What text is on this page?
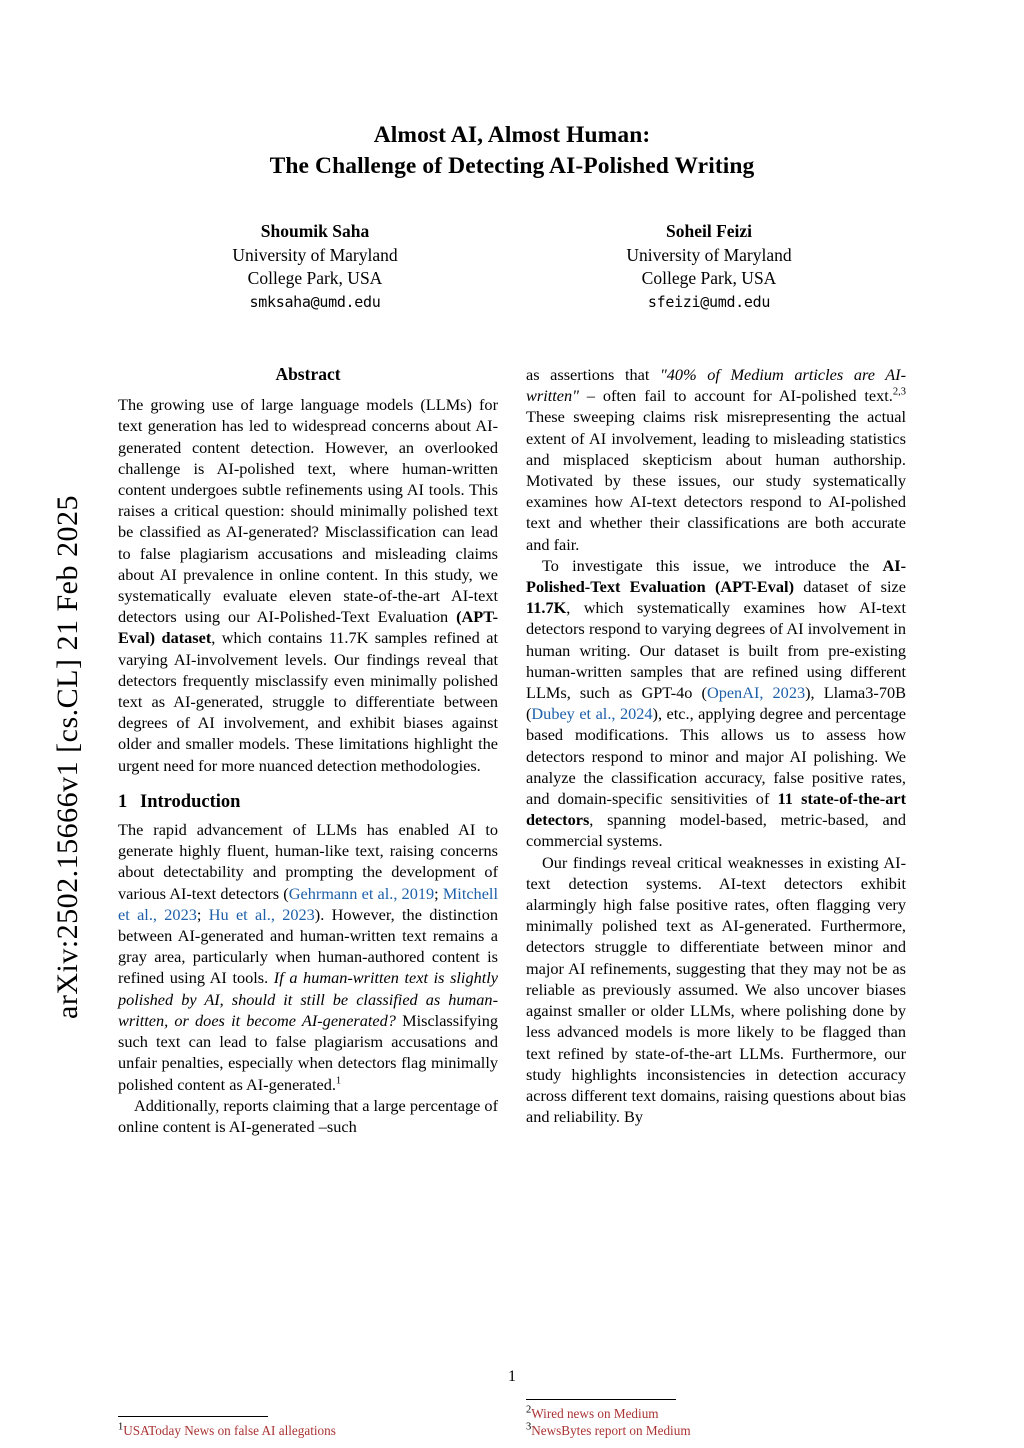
arXiv:2502.15666v1 [cs.CL] 21 Feb 2025
Almost AI, Almost Human:
The Challenge of Detecting AI-Polished Writing
Shoumik Saha
University of Maryland
College Park, USA
smksaha@umd.edu
Soheil Feizi
University of Maryland
College Park, USA
sfeizi@umd.edu
Abstract

The growing use of large language models (LLMs) for text generation has led to widespread concerns about AI-generated content detection. However, an overlooked challenge is AI-polished text, where human-written content undergoes subtle refinements using AI tools. This raises a critical question: should minimally polished text be classified as AI-generated? Misclassification can lead to false plagiarism accusations and misleading claims about AI prevalence in online content. In this study, we systematically evaluate eleven state-of-the-art AI-text detectors using our AI-Polished-Text Evaluation (APT-Eval) dataset, which contains 11.7K samples refined at varying AI-involvement levels. Our findings reveal that detectors frequently misclassify even minimally polished text as AI-generated, struggle to differentiate between degrees of AI involvement, and exhibit biases against older and smaller models. These limitations highlight the urgent need for more nuanced detection methodologies.

1 Introduction

The rapid advancement of LLMs has enabled AI to generate highly fluent, human-like text, raising concerns about detectability and prompting the development of various AI-text detectors (Gehrmann et al., 2019; Mitchell et al., 2023; Hu et al., 2023). However, the distinction between AI-generated and human-written text remains a gray area, particularly when human-authored content is refined using AI tools. If a human-written text is slightly polished by AI, should it still be classified as human-written, or does it become AI-generated? Misclassifying such text can lead to false plagiarism accusations and unfair penalties, especially when detectors flag minimally polished content as AI-generated.$^1$

Additionally, reports claiming that a large percentage of online content is AI-generated –such

$^1$USAToday News on false AI allegations

as assertions that "40% of Medium articles are AI-written" – often fail to account for AI-polished text.$^{2,3}$ These sweeping claims risk misrepresenting the actual extent of AI involvement, leading to misleading statistics and misplaced skepticism about human authorship. Motivated by these issues, our study systematically examines how AI-text detectors respond to AI-polished text and whether their classifications are both accurate and fair.

To investigate this issue, we introduce the AI-Polished-Text Evaluation (APT-Eval) dataset of size 11.7K, which systematically examines how AI-text detectors respond to varying degrees of AI involvement in human writing. Our dataset is built from pre-existing human-written samples that are refined using different LLMs, such as GPT-4o (OpenAI, 2023), Llama3-70B (Dubey et al., 2024), etc., applying degree and percentage based modifications. This allows us to assess how detectors respond to minor and major AI polishing. We analyze the classification accuracy, false positive rates, and domain-specific sensitivities of 11 state-of-the-art detectors, spanning model-based, metric-based, and commercial systems.

Our findings reveal critical weaknesses in existing AI-text detection systems. AI-text detectors exhibit alarmingly high false positive rates, often flagging very minimally polished text as AI-generated. Furthermore, detectors struggle to differentiate between minor and major AI refinements, suggesting that they may not be as reliable as previously assumed. We also uncover biases against smaller or older LLMs, where polishing done by less advanced models is more likely to be flagged than text refined by state-of-the-art LLMs. Furthermore, our study highlights inconsistencies in detection accuracy across different text domains, raising questions about bias and reliability. By

$^2$Wired news on Medium
$^3$NewsBytes report on Medium
1
